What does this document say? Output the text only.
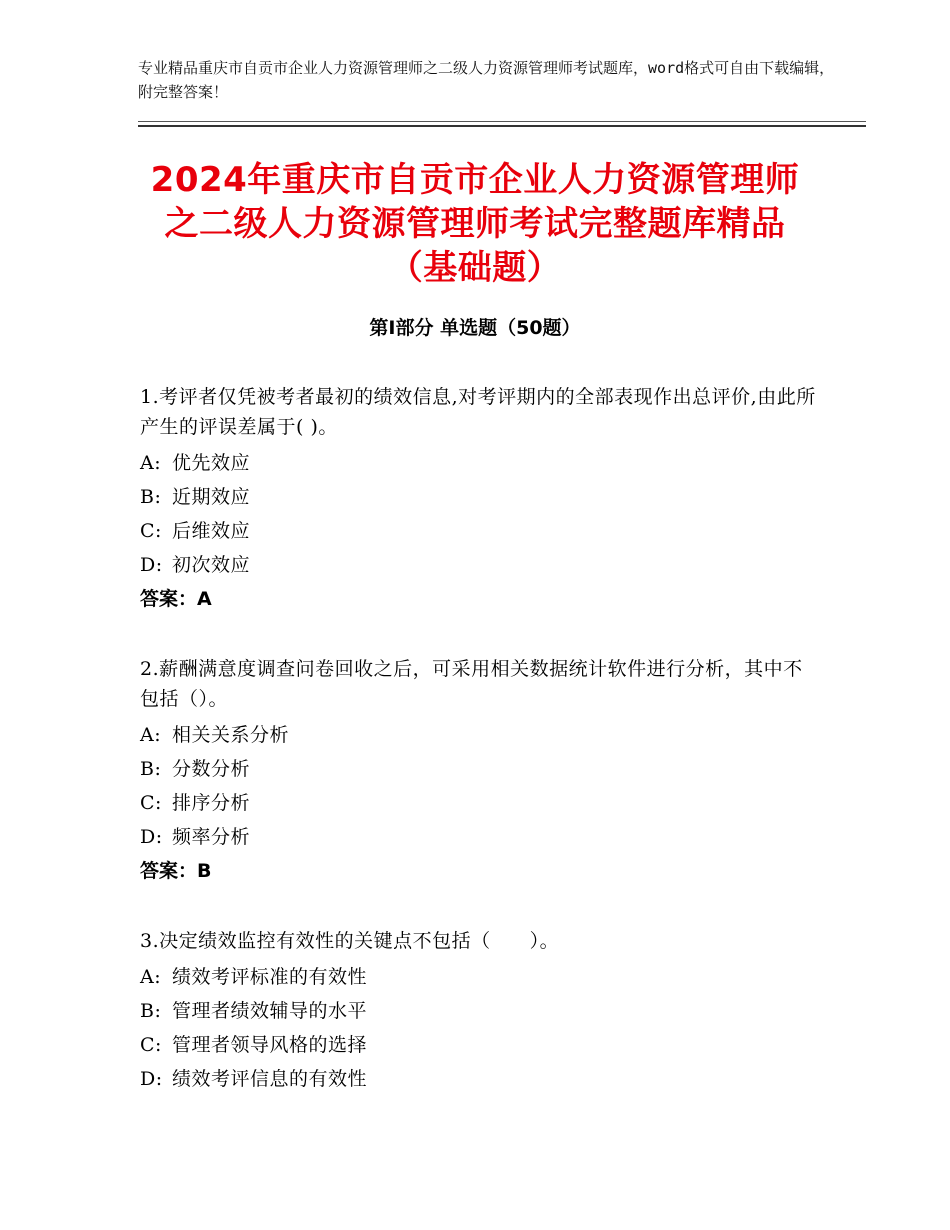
专业精品重庆市自贡市企业人力资源管理师之二级人力资源管理师考试题库，word格式可自由下载编辑，附完整答案！
2024年重庆市自贡市企业人力资源管理师之二级人力资源管理师考试完整题库精品（基础题）
第Ⅰ部分 单选题（50题）
1.考评者仅凭被考者最初的绩效信息,对考评期内的全部表现作出总评价,由此所产生的评误差属于( )。
A: 优先效应
B: 近期效应
C: 后维效应
D: 初次效应
答案：A
2.薪酬满意度调查问卷回收之后，可采用相关数据统计软件进行分析，其中不包括（）。
A: 相关关系分析
B: 分数分析
C: 排序分析
D: 频率分析
答案：B
3.决定绩效监控有效性的关键点不包括（　　）。
A: 绩效考评标准的有效性
B: 管理者绩效辅导的水平
C: 管理者领导风格的选择
D: 绩效考评信息的有效性
